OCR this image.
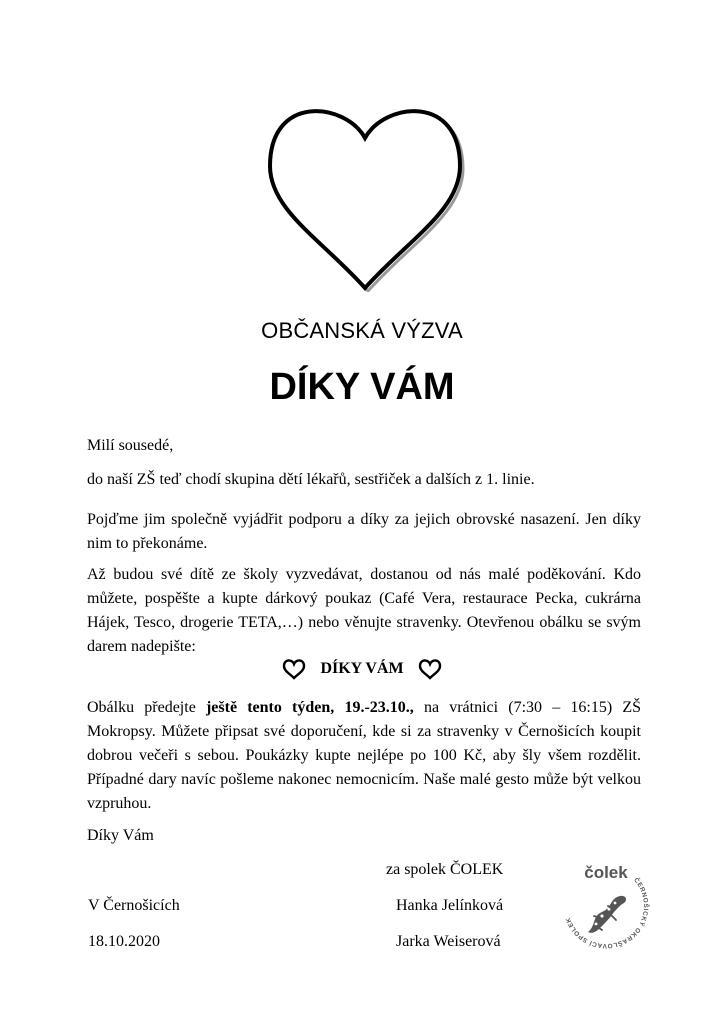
OBČANSKÁ VÝZVA
DÍKY VÁM
Milí sousedé,
do naší ZŠ teď chodí skupina dětí lékařů, sestřiček a dalších z 1. linie.
Pojďme jim společně vyjádřit podporu a díky za jejich obrovské nasazení. Jen díky nim to překonáme.
Až budou své dítě ze školy vyzvedávat, dostanou od nás malé poděkování. Kdo můžete, pospěšte a kupte dárkový poukaz (Café Vera, restaurace Pecka, cukrárna Hájek, Tesco, drogerie TETA,…) nebo věnujte stravenky. Otevřenou obálku se svým darem nadepište:
DÍKY VÁM
Obálku předejte ještě tento týden, 19.-23.10., na vrátnici (7:30 – 16:15) ZŠ Mokropsy. Můžete připsat své doporučení, kde si za stravenky v Černošicích koupit dobrou večeři s sebou. Poukázky kupte nejlépe po 100 Kč, aby šly všem rozdělit. Případné dary navíc pošleme nakonec nemocnicím. Naše malé gesto může být velkou vzpruhou.
Díky Vám
za spolek ČOLEK
Hanka Jelínková
Jarka Weiserová
V Černošicích
18.10.2020
ČERNOŠICKÝ OKRAŠLOVACÍ SPOLEK
čolek
